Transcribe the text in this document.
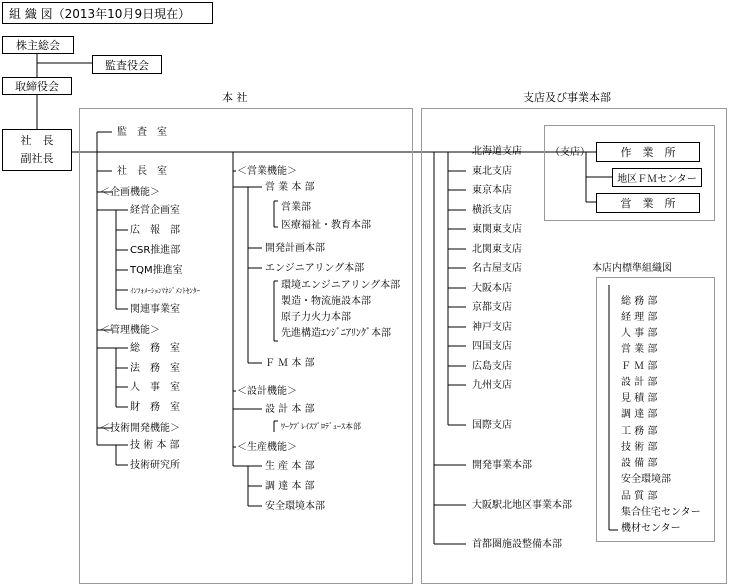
組 織 図（2013年10月9日現在）
株主総会
監査役会
取締役会
社　長
副社長
本 社
監　査　室
社　長　室
＜企画機能＞
経営企画室
広　報　部
CSR推進部
TQM推進室
ｲﾝﾌｫﾒｰｼｮﾝﾏﾈｼﾞﾒﾝﾄｾﾝﾀｰ
関連事業室
＜管理機能＞
総　務　室
法　務　室
人　事　室
財　務　室
＜技術開発機能＞
技 術 本 部
技術研究所
＜営業機能＞
営 業 本 部
営業部
医療福祉・教育本部
開発計画本部
エンジニアリング本部
環境エンジニアリング本部
製造・物流施設本部
原子力火力本部
先進構造ｴﾝｼﾞﾆｱﾘﾝｸﾞ本部
Ｆ Ｍ 本 部
＜設計機能＞
設 計 本 部
ﾜｰｸﾌﾟﾚｲｽﾌﾟﾛﾃﾞｭｰｽ本部
＜生産機能＞
生 産 本 部
調 達 本 部
安全環境本部
支店及び事業本部
北海道支店
東北支店
東京本店
横浜支店
東関東支店
北関東支店
名古屋支店
大阪本店
京都支店
神戸支店
四国支店
広島支店
九州支店
国際支店
開発事業本部
大阪駅北地区事業本部
首都圏施設整備本部
（支店）	作　業　所
地区ＦＭセンター
営　業　所
本店内標準組織図
総 務 部
経 理 部
人 事 部
営 業 部
Ｆ Ｍ 部
設 計 部
見 積 部
調 達 部
工 務 部
技 術 部
設 備 部
安全環境部
品 質 部
集合住宅センター
機材センター
